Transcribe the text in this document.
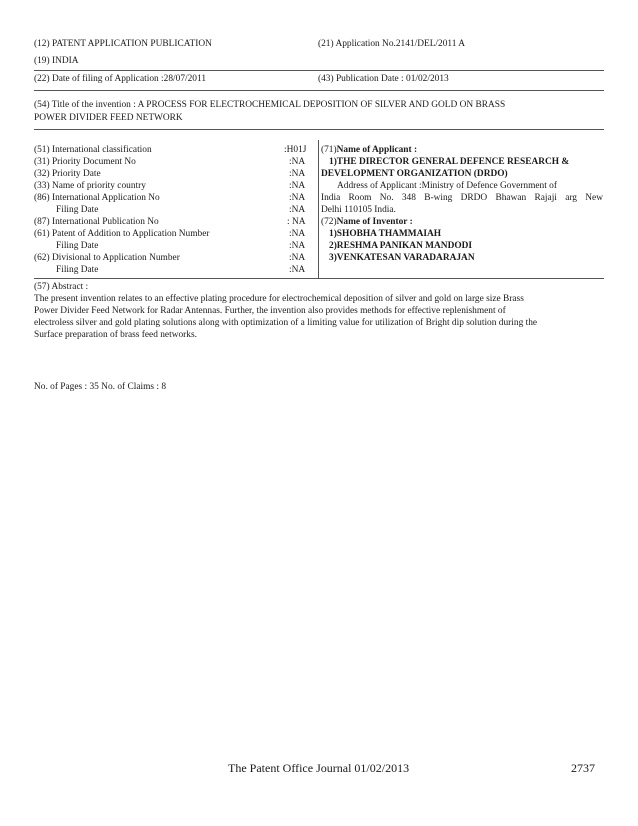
(12) PATENT APPLICATION PUBLICATION	(21) Application No.2141/DEL/2011 A
(19) INDIA
(22) Date of filing of Application :28/07/2011	(43) Publication Date : 01/02/2013
(54) Title of the invention : A PROCESS FOR ELECTROCHEMICAL DEPOSITION OF SILVER AND GOLD ON BRASS
POWER DIVIDER FEED NETWORK
(51) International classification	:H01J
(31) Priority Document No	:NA
(32) Priority Date	:NA
(33) Name of priority country	:NA
(86) International Application No	:NA
Filing Date	:NA
(87) International Publication No	: NA
(61) Patent of Addition to Application Number	:NA
Filing Date	:NA
(62) Divisional to Application Number	:NA
Filing Date	:NA
(71)Name of Applicant :
1)THE DIRECTOR GENERAL DEFENCE RESEARCH &
DEVELOPMENT ORGANIZATION (DRDO)
Address of Applicant :Ministry of Defence Government of
India Room No. 348 B-wing DRDO Bhawan Rajaji arg New
Delhi 110105 India.
(72)Name of Inventor :
1)SHOBHA THAMMAIAH
2)RESHMA PANIKAN MANDODI
3)VENKATESAN VARADARAJAN
(57) Abstract :
The present invention relates to an effective plating procedure for electrochemical deposition of silver and gold on large size Brass
Power Divider Feed Network for Radar Antennas. Further, the invention also provides methods for effective replenishment of
electroless silver and gold plating solutions along with optimization of a limiting value for utilization of Bright dip solution during the
Surface preparation of brass feed networks.
No. of Pages : 35 No. of Claims : 8
The Patent Office Journal 01/02/2013	2737
